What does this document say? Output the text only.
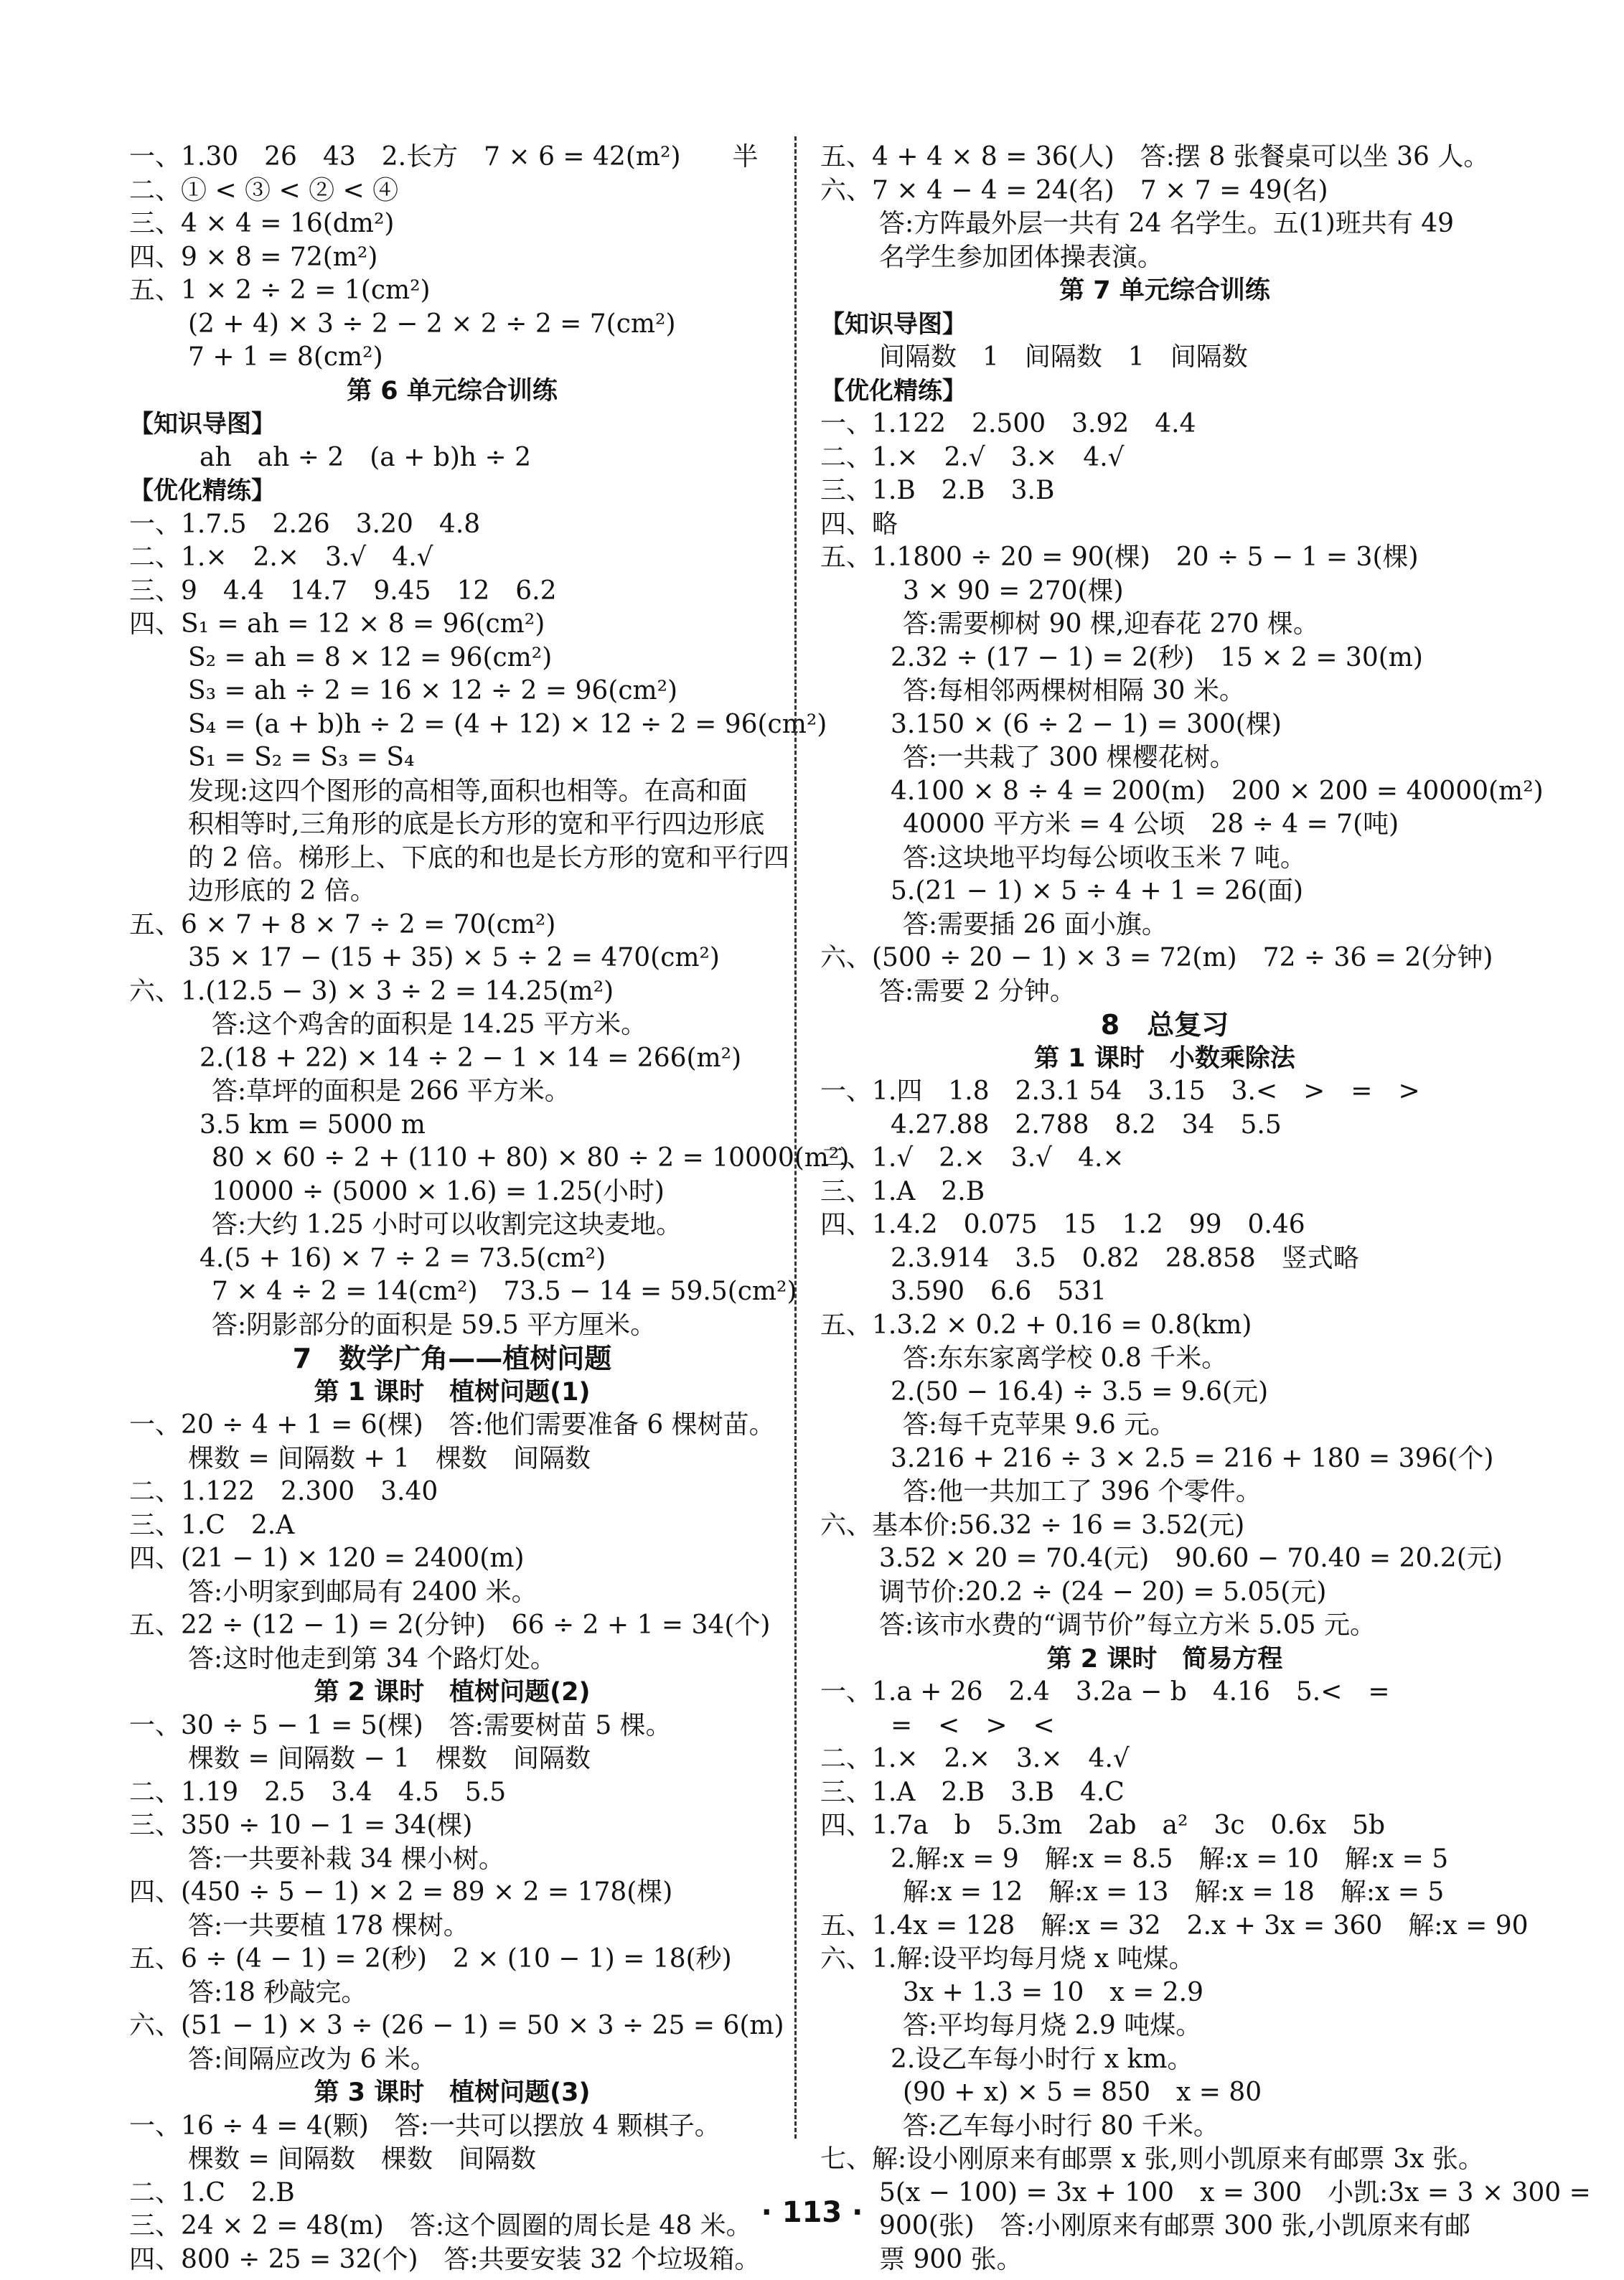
一、1.30　26　43　2.长方　7 × 6 = 42(m²)　　半
二、① < ③ < ② < ④
三、4 × 4 = 16(dm²)
四、9 × 8 = 72(m²)
五、1 × 2 ÷ 2 = 1(cm²)
(2 + 4) × 3 ÷ 2 − 2 × 2 ÷ 2 = 7(cm²)
7 + 1 = 8(cm²)
第 6 单元综合训练
【知识导图】
ah　ah ÷ 2　(a + b)h ÷ 2
【优化精练】
一、1.7.5　2.26　3.20　4.8
二、1.×　2.×　3.√　4.√
三、9　4.4　14.7　9.45　12　6.2
四、S₁ = ah = 12 × 8 = 96(cm²)
S₂ = ah = 8 × 12 = 96(cm²)
S₃ = ah ÷ 2 = 16 × 12 ÷ 2 = 96(cm²)
S₄ = (a + b)h ÷ 2 = (4 + 12) × 12 ÷ 2 = 96(cm²)
S₁ = S₂ = S₃ = S₄
发现:这四个图形的高相等,面积也相等。在高和面
积相等时,三角形的底是长方形的宽和平行四边形底
的 2 倍。梯形上、下底的和也是长方形的宽和平行四
边形底的 2 倍。
五、6 × 7 + 8 × 7 ÷ 2 = 70(cm²)
35 × 17 − (15 + 35) × 5 ÷ 2 = 470(cm²)
六、1.(12.5 − 3) × 3 ÷ 2 = 14.25(m²)
答:这个鸡舍的面积是 14.25 平方米。
2.(18 + 22) × 14 ÷ 2 − 1 × 14 = 266(m²)
答:草坪的面积是 266 平方米。
3.5 km = 5000 m
80 × 60 ÷ 2 + (110 + 80) × 80 ÷ 2 = 10000(m²)
10000 ÷ (5000 × 1.6) = 1.25(小时)
答:大约 1.25 小时可以收割完这块麦地。
4.(5 + 16) × 7 ÷ 2 = 73.5(cm²)
7 × 4 ÷ 2 = 14(cm²)　73.5 − 14 = 59.5(cm²)
答:阴影部分的面积是 59.5 平方厘米。
7　数学广角——植树问题
第 1 课时　植树问题(1)
一、20 ÷ 4 + 1 = 6(棵)　答:他们需要准备 6 棵树苗。
棵数 = 间隔数 + 1　棵数　间隔数
二、1.122　2.300　3.40
三、1.C　2.A
四、(21 − 1) × 120 = 2400(m)
答:小明家到邮局有 2400 米。
五、22 ÷ (12 − 1) = 2(分钟)　66 ÷ 2 + 1 = 34(个)
答:这时他走到第 34 个路灯处。
第 2 课时　植树问题(2)
一、30 ÷ 5 − 1 = 5(棵)　答:需要树苗 5 棵。
棵数 = 间隔数 − 1　棵数　间隔数
二、1.19　2.5　3.4　4.5　5.5
三、350 ÷ 10 − 1 = 34(棵)
答:一共要补栽 34 棵小树。
四、(450 ÷ 5 − 1) × 2 = 89 × 2 = 178(棵)
答:一共要植 178 棵树。
五、6 ÷ (4 − 1) = 2(秒)　2 × (10 − 1) = 18(秒)
答:18 秒敲完。
六、(51 − 1) × 3 ÷ (26 − 1) = 50 × 3 ÷ 25 = 6(m)
答:间隔应改为 6 米。
第 3 课时　植树问题(3)
一、16 ÷ 4 = 4(颗)　答:一共可以摆放 4 颗棋子。
棵数 = 间隔数　棵数　间隔数
二、1.C　2.B
三、24 × 2 = 48(m)　答:这个圆圈的周长是 48 米。
四、800 ÷ 25 = 32(个)　答:共要安装 32 个垃圾箱。
五、4 + 4 × 8 = 36(人)　答:摆 8 张餐桌可以坐 36 人。
六、7 × 4 − 4 = 24(名)　7 × 7 = 49(名)
答:方阵最外层一共有 24 名学生。五(1)班共有 49
名学生参加团体操表演。
第 7 单元综合训练
【知识导图】
间隔数　1　间隔数　1　间隔数
【优化精练】
一、1.122　2.500　3.92　4.4
二、1.×　2.√　3.×　4.√
三、1.B　2.B　3.B
四、略
五、1.1800 ÷ 20 = 90(棵)　20 ÷ 5 − 1 = 3(棵)
3 × 90 = 270(棵)
答:需要柳树 90 棵,迎春花 270 棵。
2.32 ÷ (17 − 1) = 2(秒)　15 × 2 = 30(m)
答:每相邻两棵树相隔 30 米。
3.150 × (6 ÷ 2 − 1) = 300(棵)
答:一共栽了 300 棵樱花树。
4.100 × 8 ÷ 4 = 200(m)　200 × 200 = 40000(m²)
40000 平方米 = 4 公顷　28 ÷ 4 = 7(吨)
答:这块地平均每公顷收玉米 7 吨。
5.(21 − 1) × 5 ÷ 4 + 1 = 26(面)
答:需要插 26 面小旗。
六、(500 ÷ 20 − 1) × 3 = 72(m)　72 ÷ 36 = 2(分钟)
答:需要 2 分钟。
8　总复习
第 1 课时　小数乘除法
一、1.四　1.8　2.3.1 54　3.15　3.<　>　=　>
4.27.88　2.788　8.2　34　5.5
二、1.√　2.×　3.√　4.×
三、1.A　2.B
四、1.4.2　0.075　15　1.2　99　0.46
2.3.914　3.5　0.82　28.858　竖式略
3.590　6.6　531
五、1.3.2 × 0.2 + 0.16 = 0.8(km)
答:东东家离学校 0.8 千米。
2.(50 − 16.4) ÷ 3.5 = 9.6(元)
答:每千克苹果 9.6 元。
3.216 + 216 ÷ 3 × 2.5 = 216 + 180 = 396(个)
答:他一共加工了 396 个零件。
六、基本价:56.32 ÷ 16 = 3.52(元)
3.52 × 20 = 70.4(元)　90.60 − 70.40 = 20.2(元)
调节价:20.2 ÷ (24 − 20) = 5.05(元)
答:该市水费的“调节价”每立方米 5.05 元。
第 2 课时　简易方程
一、1.a + 26　2.4　3.2a − b　4.16　5.<　=
=　<　>　<
二、1.×　2.×　3.×　4.√
三、1.A　2.B　3.B　4.C
四、1.7a　b　5.3m　2ab　a²　3c　0.6x　5b
2.解:x = 9　解:x = 8.5　解:x = 10　解:x = 5
解:x = 12　解:x = 13　解:x = 18　解:x = 5
五、1.4x = 128　解:x = 32　2.x + 3x = 360　解:x = 90
六、1.解:设平均每月烧 x 吨煤。
3x + 1.3 = 10　x = 2.9
答:平均每月烧 2.9 吨煤。
2.设乙车每小时行 x km。
(90 + x) × 5 = 850　x = 80
答:乙车每小时行 80 千米。
七、解:设小刚原来有邮票 x 张,则小凯原来有邮票 3x 张。
5(x − 100) = 3x + 100　x = 300　小凯:3x = 3 × 300 =
900(张)　答:小刚原来有邮票 300 张,小凯原来有邮
票 900 张。
· 113 ·
